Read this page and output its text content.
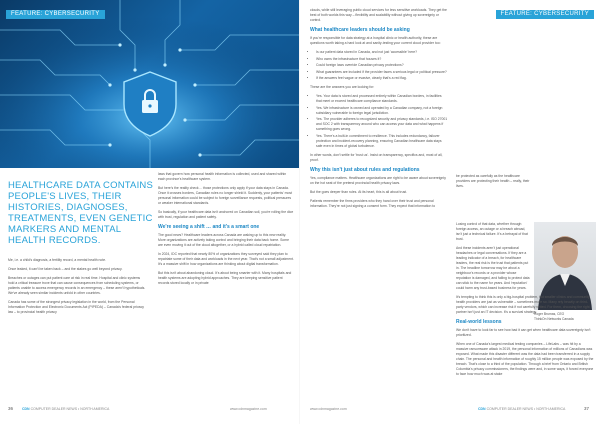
FEATURE: CYBERSECURITY
HEALTHCARE DATA CONTAINS PEOPLE'S LIVES, THEIR HISTORIES, DIAGNOSES, TREATMENTS, EVEN GENETIC MARKERS AND MENTAL HEALTH RECORDS.

Me, i.e. a child's diagnosis, a fertility record, a mental health note.

Once leaked, it can't be taken back – and the stakes go well beyond privacy.

Breaches or outages can put patient care at risk in real time. Hospital and clinic systems hold a critical treasure trove that can cause consequences from scheduling systems, or patients unable to access emergency records in an emergency – these aren't hypotheticals. We've already seen similar incidents unfold in other countries.

Canada has some of the strongest privacy legislation in the world, from the Personal Information Protection and Electronic Documents Act (PIPEDA) – Canada's federal privacy law – to provincial health privacy

laws that govern how personal health information is collected, used and shared within each province's healthcare system.

But here's the reality check… those protections only apply if your data stays in Canada. Once it crosses borders, Canadian rules no longer shield it. Suddenly, your patients' most personal information could be subject to foreign surveillance requests, political pressures or weaker international standards.

So basically, if your healthcare data isn't anchored on Canadian soil, you're rolling the dice with trust, regulation and patient safety.

We're seeing a shift … and it's a smart one

The good news? Healthcare leaders across Canada are waking up to this new reality. More organizations are actively taking control and bringing their data back home. Some are even moving it out of the cloud altogether, or a hybrid called cloud repatriation.

In 2024, IDC reported that nearly 80% of organizations they surveyed said they plan to repatriate some of their data and workloads in the next year. That's not a small adjustment. It's a massive shift in how organizations are thinking about digital transformation.

But this isn't about abandoning cloud. It's about being smarter with it. Many hospitals and health systems are adopting hybrid approaches. They are keeping sensitive patient records stored locally or in private

36	CDN COMPUTER DEALER NEWS • NORTH AMERICA	www.cdnmagazine.com
FEATURE: CYBERSECURITY

clouds, while still leveraging public cloud services for less sensitive workloads. They get the best of both worlds this way – flexibility and scalability without giving up sovereignty or control.

What healthcare leaders should be asking

If you're responsible for data strategy at a hospital clinic or health authority, these are questions worth taking a hard look at and sanity-testing your current cloud provider too:

• Is our patient data stored in Canada, and not just 'accessible' here?
• Who owns the infrastructure that houses it?
• Could foreign laws override Canadian privacy protections?
• What guarantees are included if the provider faces a serious legal or political pressure?
• If the answers feel vague or evasive, clearly that's a red flag.

These are the answers you are looking for:

• Yes. Your data is stored and processed entirely within Canadian borders, in facilities that meet or exceed healthcare compliance standards.
• Yes. We infrastructure is owned and operated by a Canadian company, not a foreign subsidiary vulnerable to foreign legal jurisdiction.
• Yes. The provider adheres to recognized security and privacy standards, i.e. ISO 27001 and SOC 2 with transparency around who can access your data and what happens if something goes wrong.
• Yes. There's a built-in commitment to resilience. This includes redundancy, failover protection and incident-recovery planning, ensuring Canadian healthcare data stays safe even in times of global turbulence.

In other words, don't settle for 'trust us'. Insist on transparency, specifics and, most of all, proof.

Why this isn't just about rules and regulations

Yes, compliance matters. Healthcare organizations are right to be aware about sovereignty on the hot seat of the pretend provincial health privacy laws.

But the goes deeper than rules. At its heart, this is all about trust.

Patients remember the firms providers who they hand over their trust and personal information. They're not just signing a consent form. They expect that information to

Roger Brumas, CEO
ThinkOn Networks Canada

be protected as carefully as the healthcare providers are protecting their health – really, their lives.

Losing control of that data, whether through foreign access, an outage or a breach abroad, isn't just a technical failure. It's a betrayal of that trust.

And these incidents aren't just operational headaches or legal conversations. If they are a leading indicator of a breach, for healthcare leaders, the real risk is the trust that patients put in. The headline tomorrow may be about a neighbour's records or a provider whose reputation is damaged, and failing to protect data can stick to the name for years. And 'reputation' could harm any trust-based business for years.

It's tempting to think this is only a big-hospital problem, but smaller clinics and community health providers are just as vulnerable – sometimes more so. Many rely heavily on third-party vendors, which can increase risk if not carefully vetted. For them, choosing the right partner isn't just an IT decision. It's a survival strategy.

Real-world lessons

We don't have to look far to see how bad it can get when healthcare data sovereignty isn't prioritized.

When one of Canada's largest medical testing companies – LifeLabs – was hit by a massive ransomware attack in 2019, the personal information of millions of Canadians was exposed. What made this disaster different was the data had been transferred in a supply chain. The personal and health information of roughly 15 million people was exposed by the breach. That's close to a third of the population. Through a brief from Ontario and British Columbia's privacy commissioners, the findings were and, in some ways, it forced everyone to face how much was at stake

www.cdnmagazine.com	CDN COMPUTER DEALER NEWS • NORTH AMERICA	37
